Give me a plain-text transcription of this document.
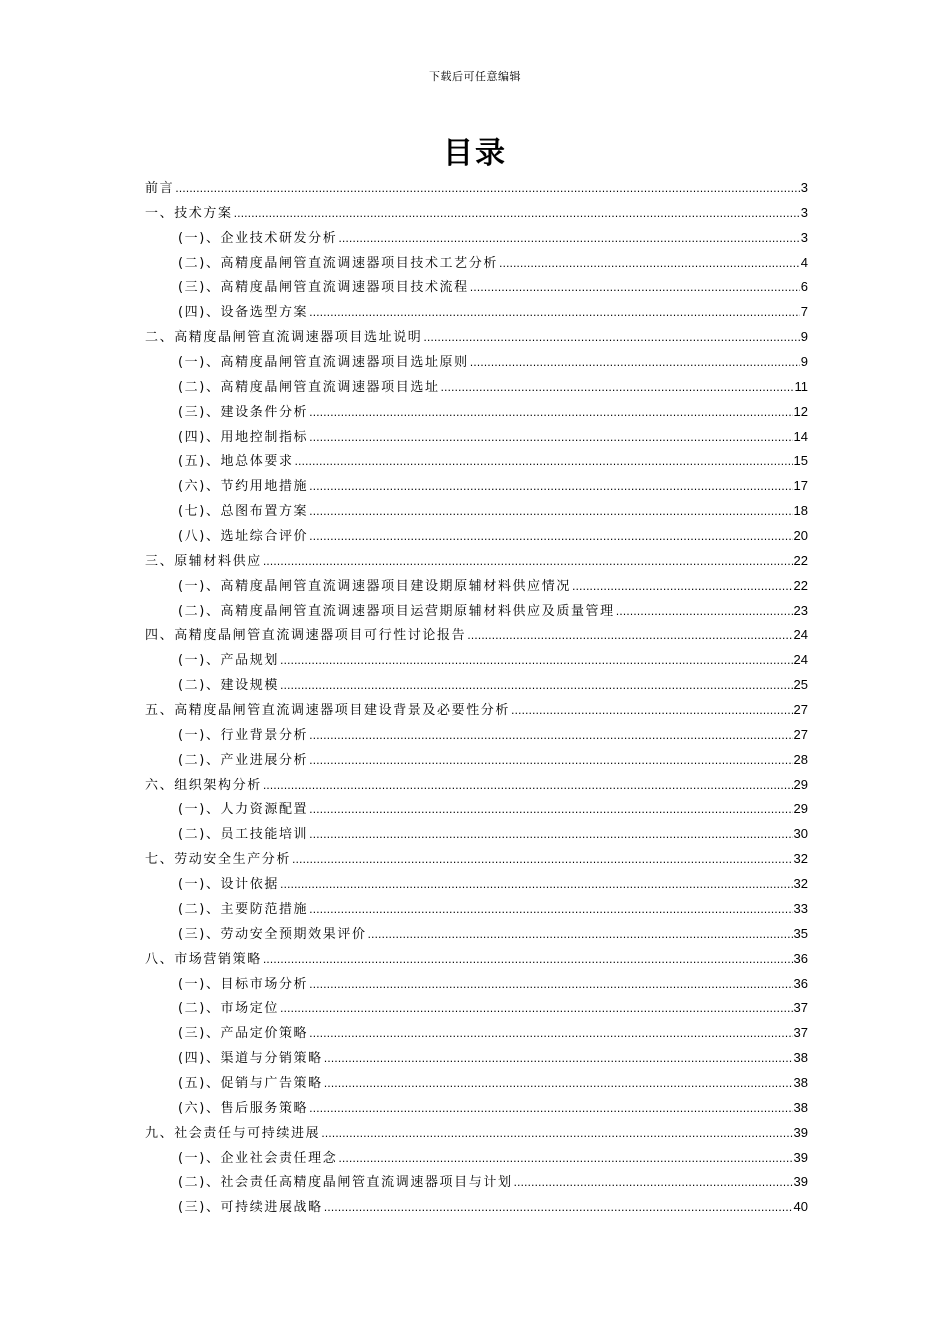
下载后可任意编辑
目录
前言 .....	3
一、技术方案 .....	3
(一)、企业技术研发分析 .....	3
(二)、高精度晶闸管直流调速器项目技术工艺分析 .....	4
(三)、高精度晶闸管直流调速器项目技术流程 .....	6
(四)、设备选型方案 .....	7
二、高精度晶闸管直流调速器项目选址说明 .....	9
(一)、高精度晶闸管直流调速器项目选址原则 .....	9
(二)、高精度晶闸管直流调速器项目选址 .....	11
(三)、建设条件分析 .....	12
(四)、用地控制指标 .....	14
(五)、地总体要求 .....	15
(六)、节约用地措施 .....	17
(七)、总图布置方案 .....	18
(八)、选址综合评价 .....	20
三、原辅材料供应 .....	22
(一)、高精度晶闸管直流调速器项目建设期原辅材料供应情况 .....	22
(二)、高精度晶闸管直流调速器项目运营期原辅材料供应及质量管理 .....	23
四、高精度晶闸管直流调速器项目可行性讨论报告 .....	24
(一)、产品规划 .....	24
(二)、建设规模 .....	25
五、高精度晶闸管直流调速器项目建设背景及必要性分析 .....	27
(一)、行业背景分析 .....	27
(二)、产业进展分析 .....	28
六、组织架构分析 .....	29
(一)、人力资源配置 .....	29
(二)、员工技能培训 .....	30
七、劳动安全生产分析 .....	32
(一)、设计依据 .....	32
(二)、主要防范措施 .....	33
(三)、劳动安全预期效果评价 .....	35
八、市场营销策略 .....	36
(一)、目标市场分析 .....	36
(二)、市场定位 .....	37
(三)、产品定价策略 .....	37
(四)、渠道与分销策略 .....	38
(五)、促销与广告策略 .....	38
(六)、售后服务策略 .....	38
九、社会责任与可持续进展 .....	39
(一)、企业社会责任理念 .....	39
(二)、社会责任高精度晶闸管直流调速器项目与计划 .....	39
(三)、可持续进展战略 .....	40
